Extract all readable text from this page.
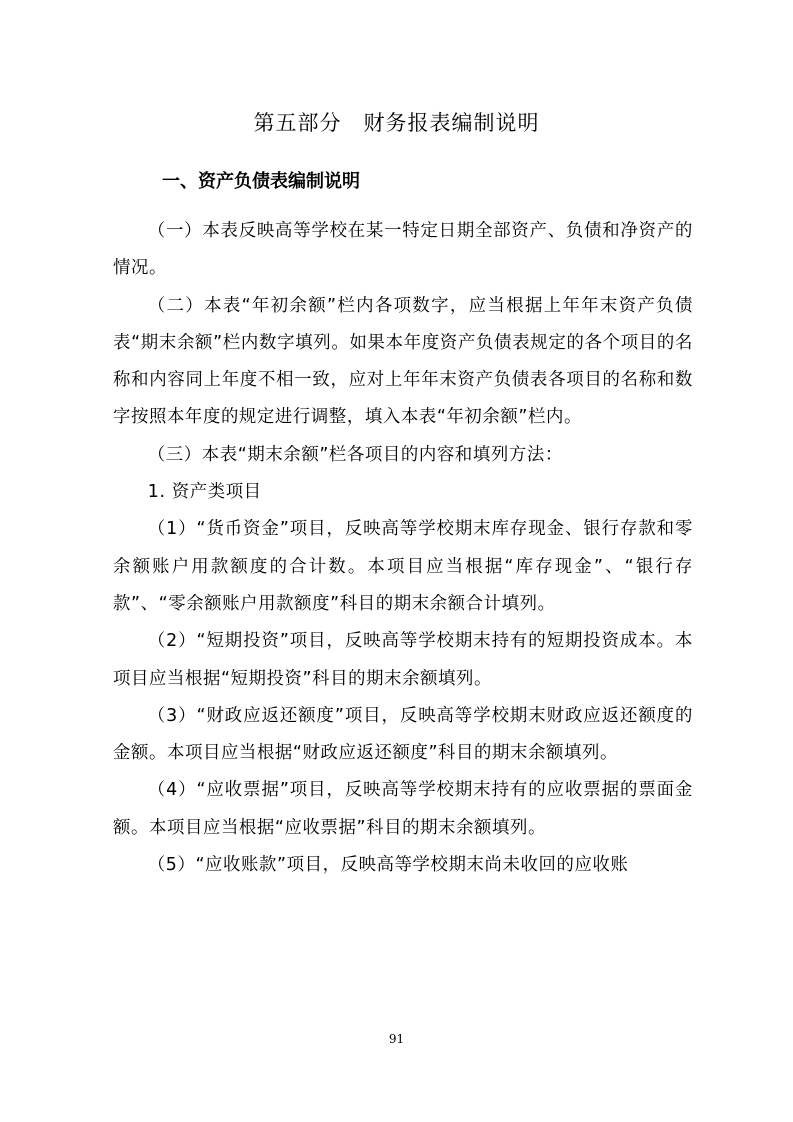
第五部分　财务报表编制说明
一、资产负债表编制说明

（一）本表反映高等学校在某一特定日期全部资产、负债和净资产的情况。

（二）本表“年初余额”栏内各项数字，应当根据上年年末资产负债表“期末余额”栏内数字填列。如果本年度资产负债表规定的各个项目的名称和内容同上年度不相一致，应对上年年末资产负债表各项目的名称和数字按照本年度的规定进行调整，填入本表“年初余额”栏内。

（三）本表“期末余额”栏各项目的内容和填列方法：

1. 资产类项目

（1）“货币资金”项目，反映高等学校期末库存现金、银行存款和零余额账户用款额度的合计数。本项目应当根据“库存现金”、“银行存款”、“零余额账户用款额度”科目的期末余额合计填列。

（2）“短期投资”项目，反映高等学校期末持有的短期投资成本。本项目应当根据“短期投资”科目的期末余额填列。

（3）“财政应返还额度”项目，反映高等学校期末财政应返还额度的金额。本项目应当根据“财政应返还额度”科目的期末余额填列。

（4）“应收票据”项目，反映高等学校期末持有的应收票据的票面金额。本项目应当根据“应收票据”科目的期末余额填列。

（5）“应收账款”项目，反映高等学校期末尚未收回的应收账

91
